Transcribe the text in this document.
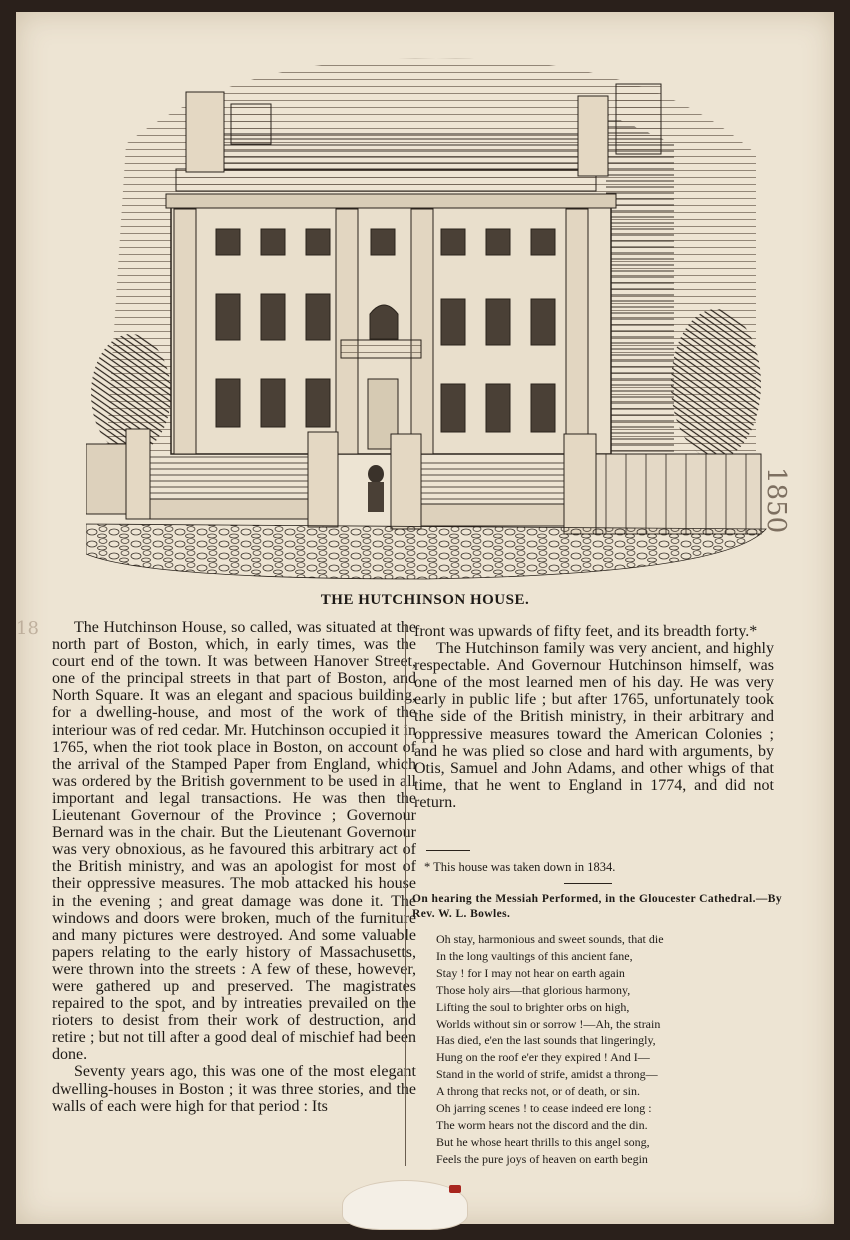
THE HUTCHINSON HOUSE.
18
1850

The Hutchinson House, so called, was situated at the north part of Boston, which, in early times, was the court end of the town. It was between Hanover Street, one of the principal streets in that part of Boston, and North Square. It was an elegant and spacious building, for a dwelling-house, and most of the work of the interiour was of red cedar. Mr. Hutchinson occupied it in 1765, when the riot took place in Boston, on account of the arrival of the Stamped Paper from England, which was ordered by the British government to be used in all important and legal transactions. He was then the Lieutenant Governour of the Province ; Governour Bernard was in the chair. But the Lieutenant Governour was very obnoxious, as he favoured this arbitrary act of the British ministry, and was an apologist for most of their oppressive measures. The mob attacked his house in the evening ; and great damage was done it. The windows and doors were broken, much of the furniture and many pictures were destroyed. And some valuable papers relating to the early history of Massachusetts, were thrown into the streets : A few of these, however, were gathered up and preserved. The magistrates repaired to the spot, and by intreaties prevailed on the rioters to desist from their work of destruction, and retire ; but not till after a good deal of mischief had been done.

Seventy years ago, this was one of the most elegant dwelling-houses in Boston ; it was three stories, and the walls of each were high for that period : Its

front was upwards of fifty feet, and its breadth forty.*

The Hutchinson family was very ancient, and highly respectable. And Governour Hutchinson himself, was one of the most learned men of his day. He was very early in public life ; but after 1765, unfortunately took the side of the British ministry, in their arbitrary and oppressive measures toward the American Colonies ; and he was plied so close and hard with arguments, by Otis, Samuel and John Adams, and other whigs of that time, that he went to England in 1774, and did not return.

* This house was taken down in 1834.
On hearing the Messiah Performed, in the Gloucester Cathedral.—By Rev. W. L. Bowles.
Oh stay, harmonious and sweet sounds, that die
In the long vaultings of this ancient fane,
Stay ! for I may not hear on earth again
Those holy airs—that glorious harmony,
Lifting the soul to brighter orbs on high,
Worlds without sin or sorrow !—Ah, the strain
Has died, e'en the last sounds that lingeringly,
Hung on the roof e'er they expired ! And I—
Stand in the world of strife, amidst a throng—
A throng that recks not, or of death, or sin.
Oh jarring scenes ! to cease indeed ere long :
The worm hears not the discord and the din.
But he whose heart thrills to this angel song,
Feels the pure joys of heaven on earth begin
